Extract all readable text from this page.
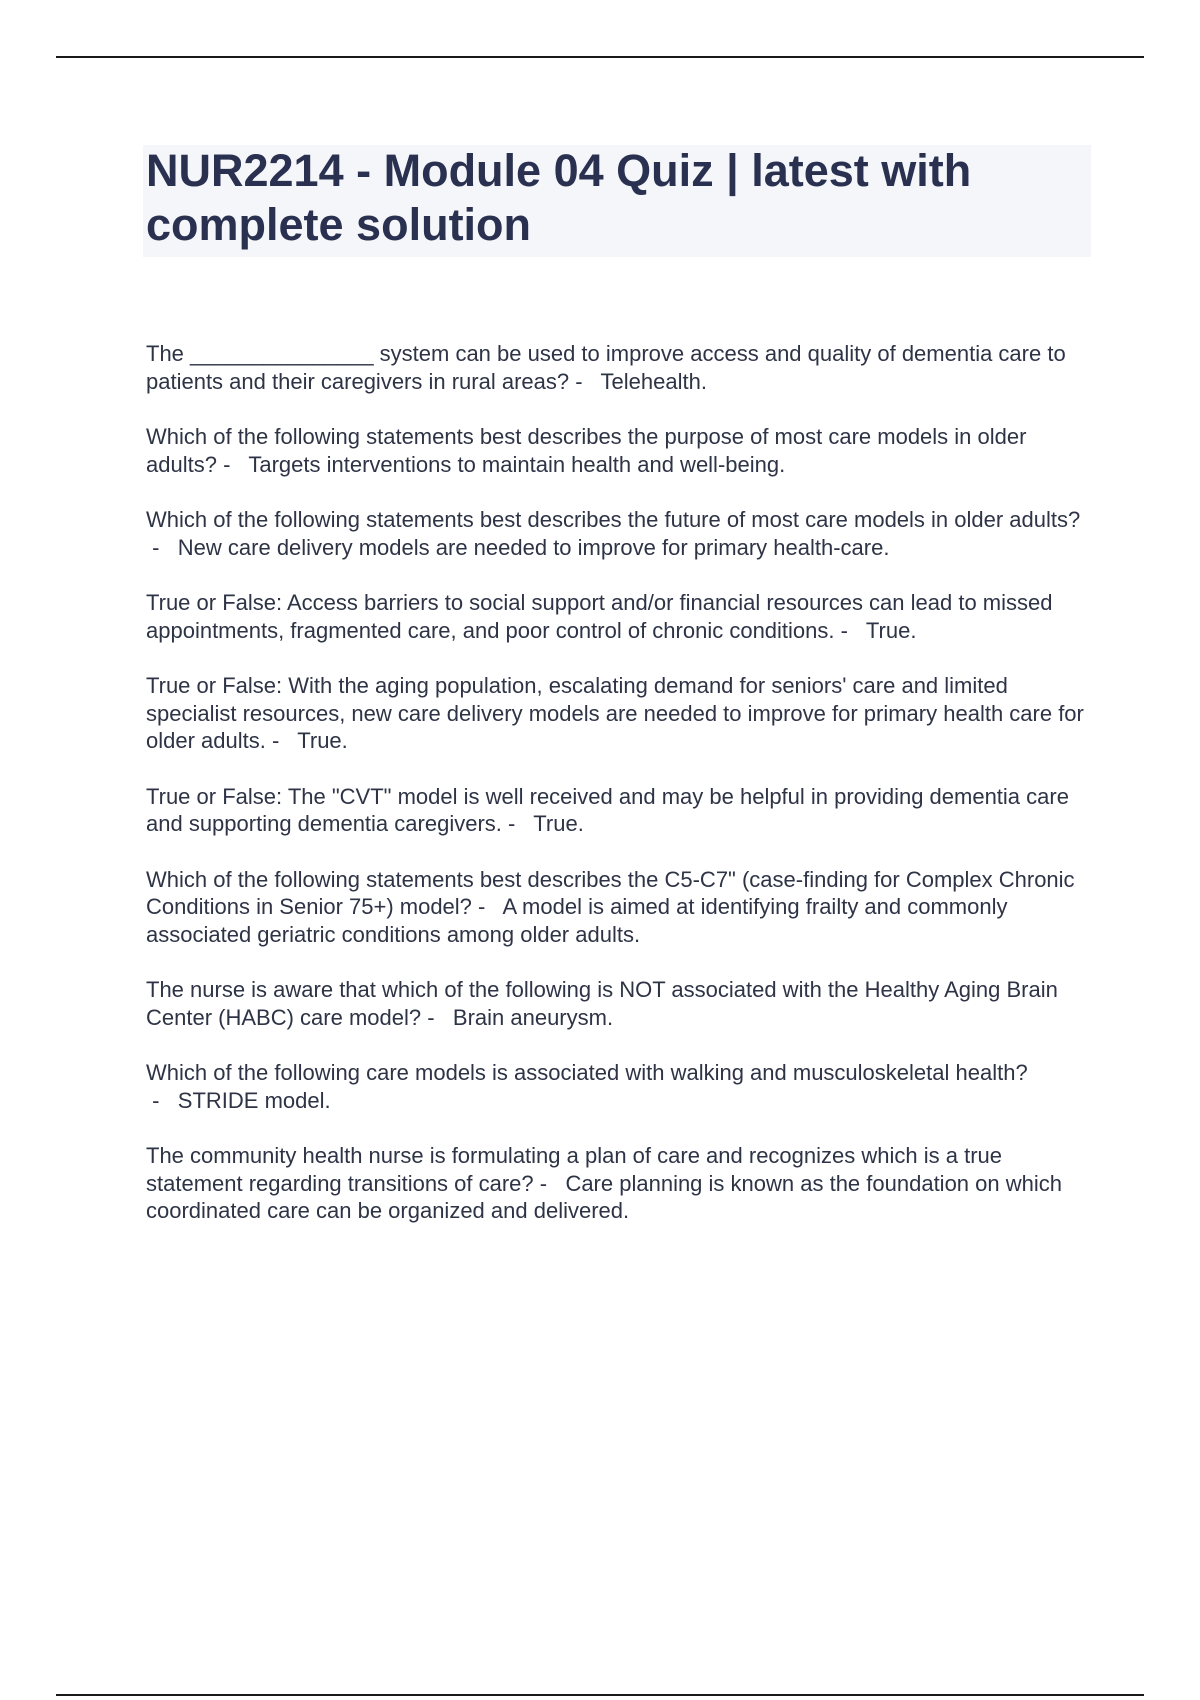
NUR2214 - Module 04 Quiz | latest with complete solution

The _______________ system can be used to improve access and quality of dementia care to patients and their caregivers in rural areas? -   Telehealth.

Which of the following statements best describes the purpose of most care models in older adults? -   Targets interventions to maintain health and well-being.

Which of the following statements best describes the future of most care models in older adults? -   New care delivery models are needed to improve for primary health-care.

True or False: Access barriers to social support and/or financial resources can lead to missed appointments, fragmented care, and poor control of chronic conditions. -   True.

True or False: With the aging population, escalating demand for seniors' care and limited specialist resources, new care delivery models are needed to improve for primary health care for older adults. -   True.

True or False: The "CVT" model is well received and may be helpful in providing dementia care and supporting dementia caregivers. -   True.

Which of the following statements best describes the C5-C7" (case-finding for Complex Chronic Conditions in Senior 75+) model? -   A model is aimed at identifying frailty and commonly associated geriatric conditions among older adults.

The nurse is aware that which of the following is NOT associated with the Healthy Aging Brain Center (HABC) care model? -   Brain aneurysm.

Which of the following care models is associated with walking and musculoskeletal health? -   STRIDE model.

The community health nurse is formulating a plan of care and recognizes which is a true statement regarding transitions of care? -   Care planning is known as the foundation on which coordinated care can be organized and delivered.
